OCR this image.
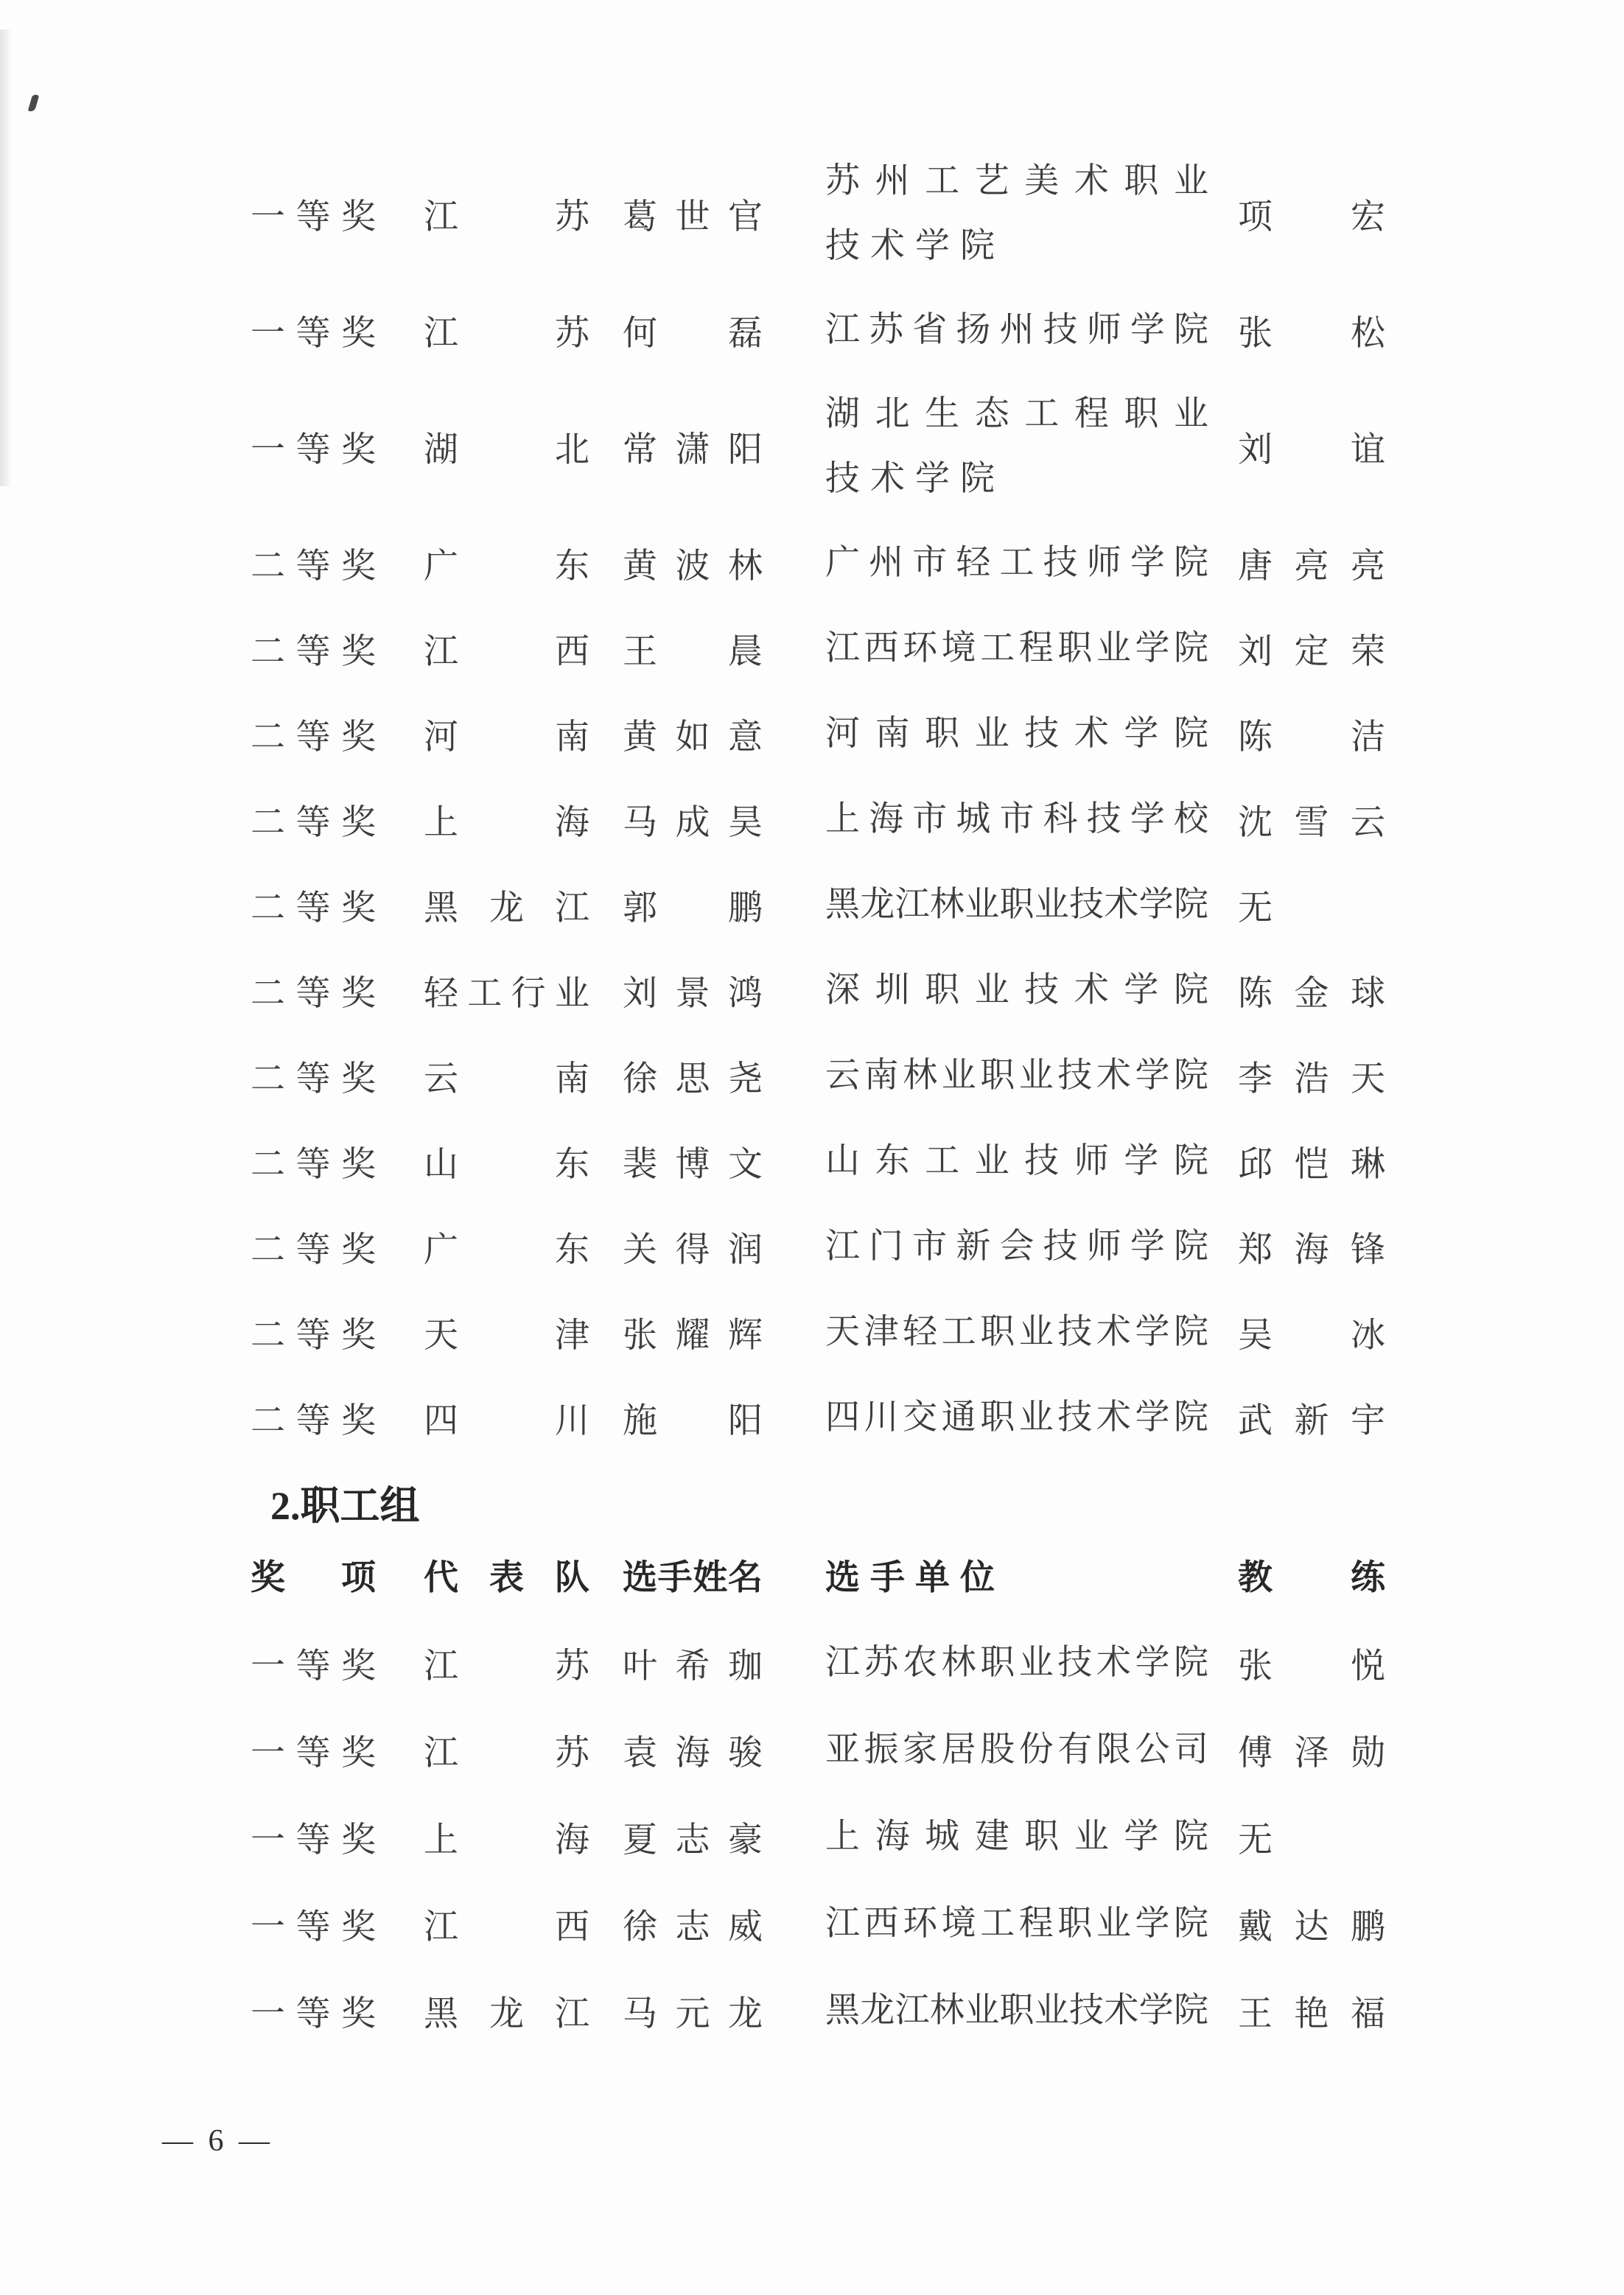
一等奖 江苏 葛世官
苏州工艺美术职业
技术学院
项宏
一等奖 江苏 何磊 江苏省扬州技师学院 张松
一等奖 湖北 常潇阳
湖北生态工程职业
技术学院
刘谊
二等奖 广东 黄波林 广州市轻工技师学院 唐亮亮
二等奖 江西 王晨 江西环境工程职业学院 刘定荣
二等奖 河南 黄如意 河南职业技术学院 陈洁
二等奖 上海 马成昊 上海市城市科技学校 沈雪云
二等奖 黑龙江 郭鹏 黑龙江林业职业技术学院 无
二等奖 轻工行业 刘景鸿 深圳职业技术学院 陈金球
二等奖 云南 徐思尧 云南林业职业技术学院 李浩天
二等奖 山东 裴博文 山东工业技师学院 邱恺琳
二等奖 广东 关得润 江门市新会技师学院 郑海锋
二等奖 天津 张耀辉 天津轻工职业技术学院 吴冰
二等奖 四川 施阳 四川交通职业技术学院 武新宇
2.职工组
奖项 代表队 选手姓名 选手单位	教练
一等奖 江苏 叶希珈 江苏农林职业技术学院 张悦
一等奖 江苏 袁海骏 亚振家居股份有限公司 傅泽勋
一等奖 上海 夏志豪 上海城建职业学院 无
一等奖 江西 徐志威 江西环境工程职业学院 戴达鹏
一等奖 黑龙江 马元龙 黑龙江林业职业技术学院 王艳福
— 6 —
